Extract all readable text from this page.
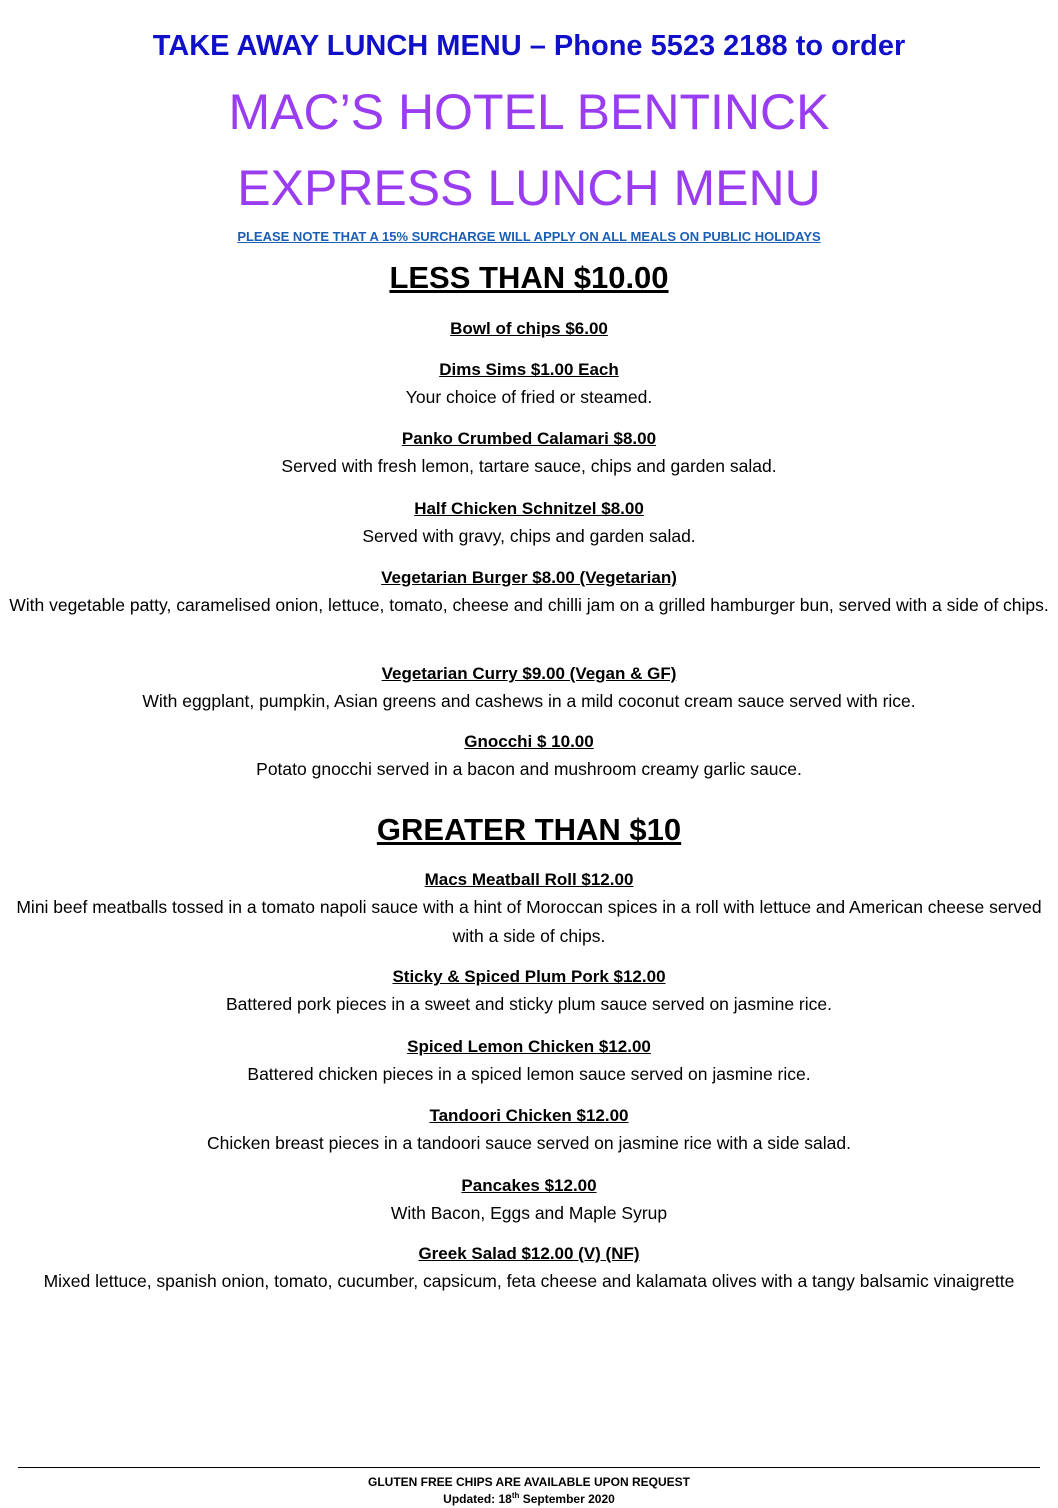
TAKE AWAY LUNCH MENU – Phone 5523 2188 to order
MAC’S HOTEL BENTINCK
EXPRESS LUNCH MENU
PLEASE NOTE THAT A 15% SURCHARGE WILL APPLY ON ALL MEALS ON PUBLIC HOLIDAYS
LESS THAN $10.00
Bowl of chips $6.00
Dims Sims $1.00 Each
Your choice of fried or steamed.
Panko Crumbed Calamari $8.00
Served with fresh lemon, tartare sauce, chips and garden salad.
Half Chicken Schnitzel $8.00
Served with gravy, chips and garden salad.
Vegetarian Burger $8.00 (Vegetarian)
With vegetable patty, caramelised onion, lettuce, tomato, cheese and chilli jam on a grilled hamburger bun, served with a side of chips.
Vegetarian Curry $9.00 (Vegan & GF)
With eggplant, pumpkin, Asian greens and cashews in a mild coconut cream sauce served with rice.
Gnocchi $ 10.00
Potato gnocchi served in a bacon and mushroom creamy garlic sauce.
GREATER THAN $10
Macs Meatball Roll $12.00
Mini beef meatballs tossed in a tomato napoli sauce with a hint of Moroccan spices in a roll with lettuce and American cheese served with a side of chips.
Sticky & Spiced Plum Pork $12.00
Battered pork pieces in a sweet and sticky plum sauce served on jasmine rice.
Spiced Lemon Chicken $12.00
Battered chicken pieces in a spiced lemon sauce served on jasmine rice.
Tandoori Chicken $12.00
Chicken breast pieces in a tandoori sauce served on jasmine rice with a side salad.
Pancakes $12.00
With Bacon, Eggs and Maple Syrup
Greek Salad $12.00 (V) (NF)
Mixed lettuce, spanish onion, tomato, cucumber, capsicum, feta cheese and kalamata olives with a tangy balsamic vinaigrette
GLUTEN FREE CHIPS ARE AVAILABLE UPON REQUEST
Updated: 18th September 2020
